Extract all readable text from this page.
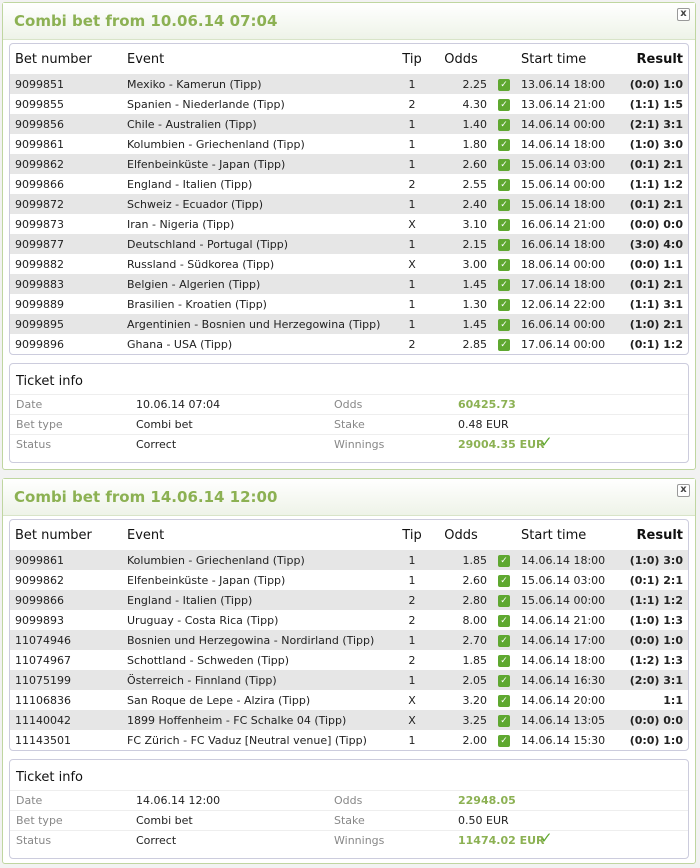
Combi bet from 10.06.14 07:04	x
Bet number	Event	Tip	Odds		Start time	Result
9099851	Mexiko - Kamerun (Tipp)	1	2.25	✓	13.06.14 18:00	(0:0) 1:0
9099855	Spanien - Niederlande (Tipp)	2	4.30	✓	13.06.14 21:00	(1:1) 1:5
9099856	Chile - Australien (Tipp)	1	1.40	✓	14.06.14 00:00	(2:1) 3:1
9099861	Kolumbien - Griechenland (Tipp)	1	1.80	✓	14.06.14 18:00	(1:0) 3:0
9099862	Elfenbeinküste - Japan (Tipp)	1	2.60	✓	15.06.14 03:00	(0:1) 2:1
9099866	England - Italien (Tipp)	2	2.55	✓	15.06.14 00:00	(1:1) 1:2
9099872	Schweiz - Ecuador (Tipp)	1	2.40	✓	15.06.14 18:00	(0:1) 2:1
9099873	Iran - Nigeria (Tipp)	X	3.10	✓	16.06.14 21:00	(0:0) 0:0
9099877	Deutschland - Portugal (Tipp)	1	2.15	✓	16.06.14 18:00	(3:0) 4:0
9099882	Russland - Südkorea (Tipp)	X	3.00	✓	18.06.14 00:00	(0:0) 1:1
9099883	Belgien - Algerien (Tipp)	1	1.45	✓	17.06.14 18:00	(0:1) 2:1
9099889	Brasilien - Kroatien (Tipp)	1	1.30	✓	12.06.14 22:00	(1:1) 3:1
9099895	Argentinien - Bosnien und Herzegowina (Tipp)	1	1.45	✓	16.06.14 00:00	(1:0) 2:1
9099896	Ghana - USA (Tipp)	2	2.85	✓	17.06.14 00:00	(0:1) 1:2
Ticket info
Date	10.06.14 07:04	Odds	60425.73
Bet type	Combi bet	Stake	0.48 EUR
Status	Correct	Winnings	29004.35 EUR
✓
Combi bet from 14.06.14 12:00	x
Bet number	Event	Tip	Odds		Start time	Result
9099861	Kolumbien - Griechenland (Tipp)	1	1.85	✓	14.06.14 18:00	(1:0) 3:0
9099862	Elfenbeinküste - Japan (Tipp)	1	2.60	✓	15.06.14 03:00	(0:1) 2:1
9099866	England - Italien (Tipp)	2	2.80	✓	15.06.14 00:00	(1:1) 1:2
9099893	Uruguay - Costa Rica (Tipp)	2	8.00	✓	14.06.14 21:00	(1:0) 1:3
11074946	Bosnien und Herzegowina - Nordirland (Tipp)	1	2.70	✓	14.06.14 17:00	(0:0) 1:0
11074967	Schottland - Schweden (Tipp)	2	1.85	✓	14.06.14 18:00	(1:2) 1:3
11075199	Österreich - Finnland (Tipp)	1	2.05	✓	14.06.14 16:30	(2:0) 3:1
11106836	San Roque de Lepe - Alzira (Tipp)	X	3.20	✓	14.06.14 20:00	1:1
11140042	1899 Hoffenheim - FC Schalke 04 (Tipp)	X	3.25	✓	14.06.14 13:05	(0:0) 0:0
11143501	FC Zürich - FC Vaduz [Neutral venue] (Tipp)	1	2.00	✓	14.06.14 15:30	(0:0) 1:0
Ticket info
Date	14.06.14 12:00	Odds	22948.05
Bet type	Combi bet	Stake	0.50 EUR
Status	Correct	Winnings	11474.02 EUR
✓
